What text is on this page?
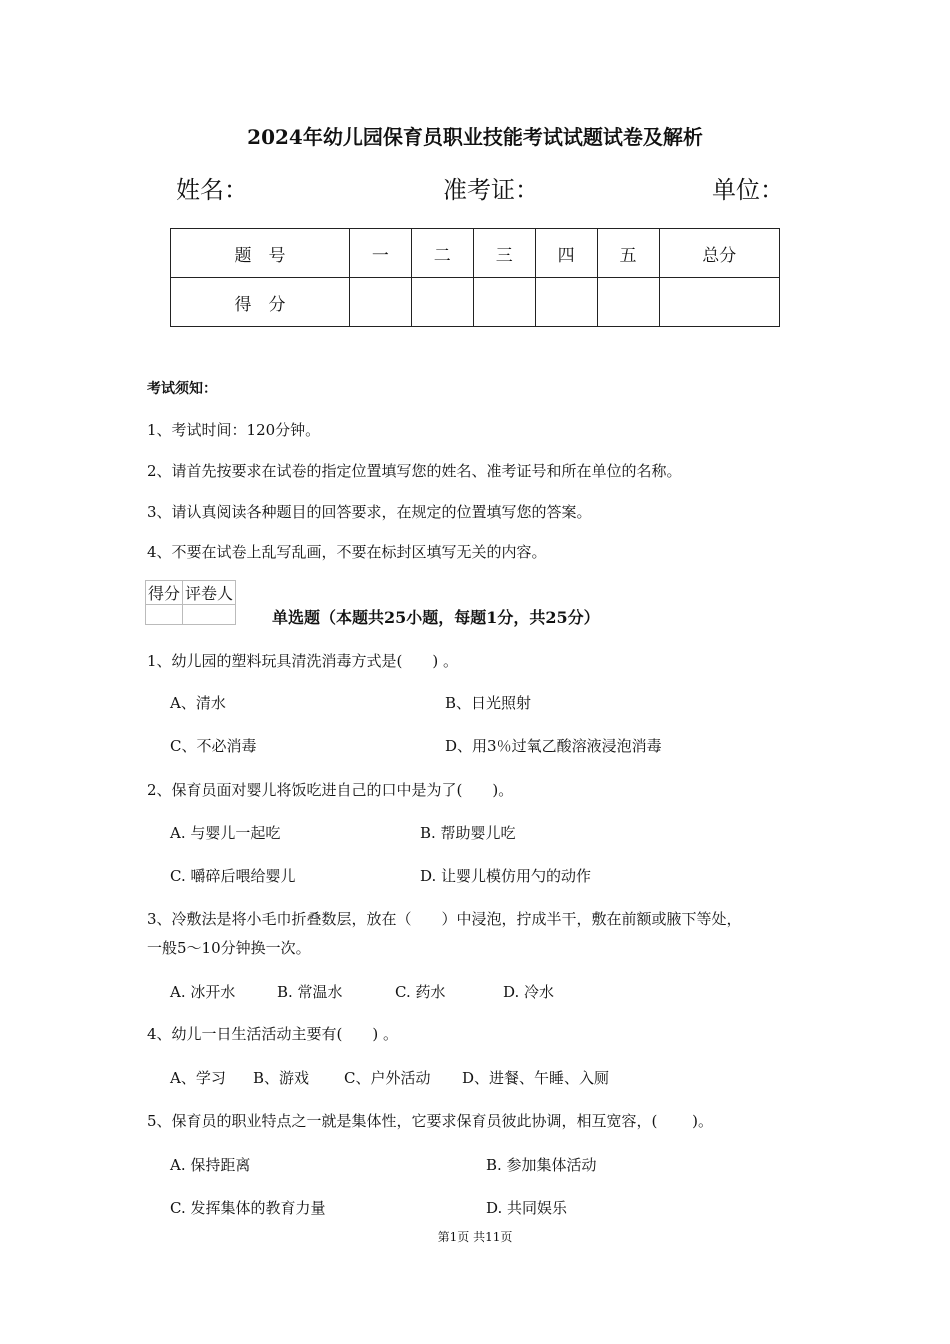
2024年幼儿园保育员职业技能考试试题试卷及解析
姓名：	准考证：	单位：
题　号	一	二	三	四	五	总分
得　分						
考试须知：
1、考试时间：120分钟。
2、请首先按要求在试卷的指定位置填写您的姓名、准考证号和所在单位的名称。
3、请认真阅读各种题目的回答要求，在规定的位置填写您的答案。
4、不要在试卷上乱写乱画，不要在标封区填写无关的内容。
得分	评卷人

单选题（本题共25小题，每题1分，共25分）
1、幼儿园的塑料玩具清洗消毒方式是(　　) 。
A、清水	B、日光照射
C、不必消毒	D、用3％过氧乙酸溶液浸泡消毒
2、保育员面对婴儿将饭吃进自己的口中是为了(　　)。
A. 与婴儿一起吃	B. 帮助婴儿吃
C. 嚼碎后喂给婴儿	D. 让婴儿模仿用勺的动作
3、冷敷法是将小毛巾折叠数层，放在（　　）中浸泡，拧成半干，敷在前额或腋下等处，
一般5～10分钟换一次。
A. 冰开水	B. 常温水	C. 药水	D. 冷水
4、幼儿一日生活活动主要有(　　) 。
A、学习 B、游戏 C、户外活动 D、进餐、午睡、入厕
5、保育员的职业特点之一就是集体性，它要求保育员彼此协调，相互宽容，(　　 )。
A. 保持距离	B. 参加集体活动
C. 发挥集体的教育力量	D. 共同娱乐
第1页 共11页
